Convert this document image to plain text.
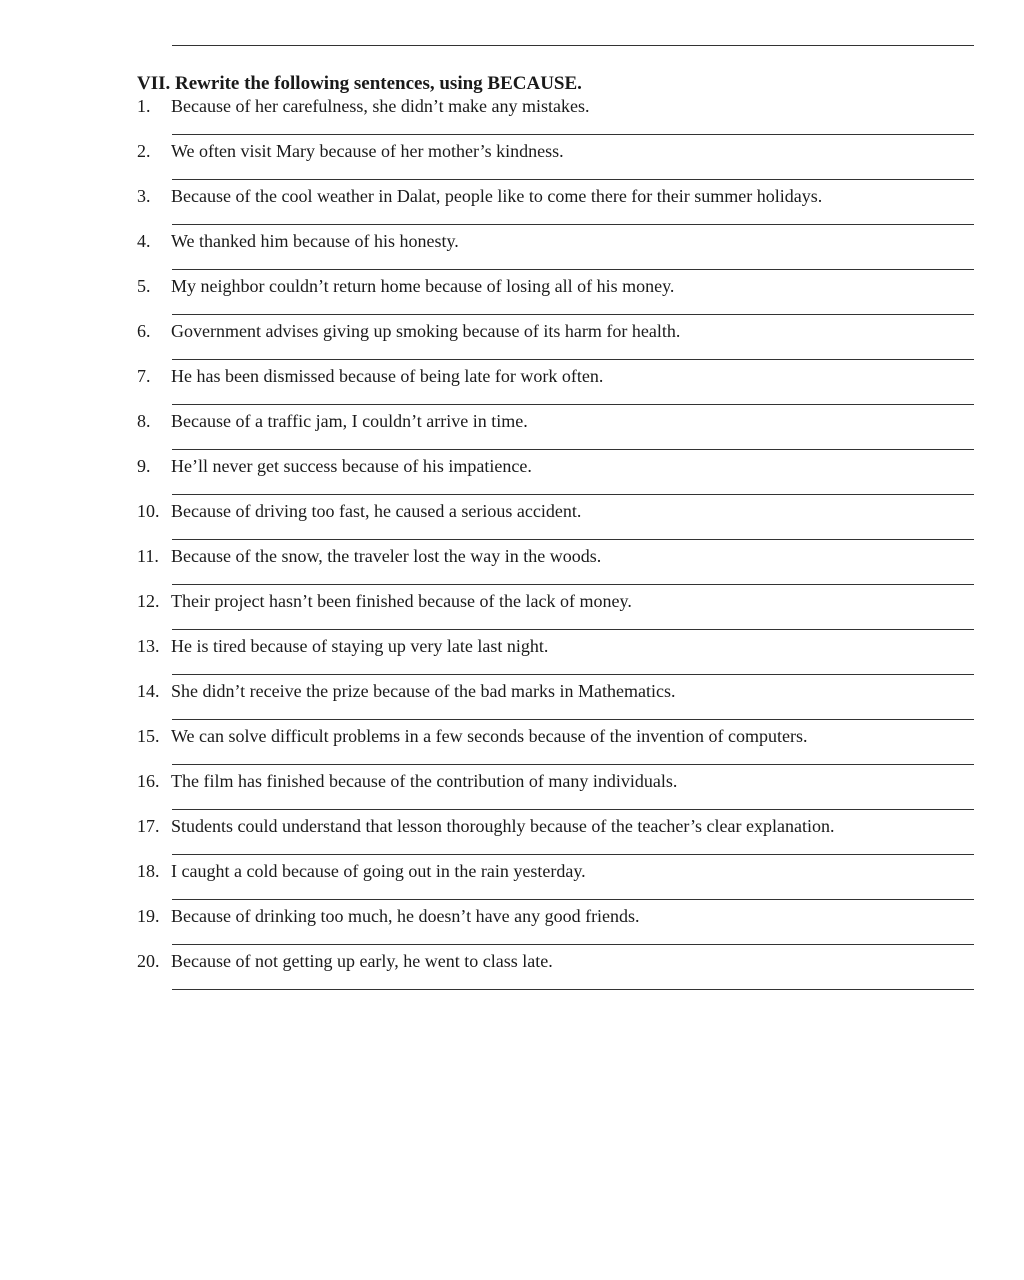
VII. Rewrite the following sentences, using BECAUSE.
1. Because of her carefulness, she didn’t make any mistakes.
2. We often visit Mary because of her mother’s kindness.
3. Because of the cool weather in Dalat, people like to come there for their summer holidays.
4. We thanked him because of his honesty.
5. My neighbor couldn’t return home because of losing all of his money.
6. Government advises giving up smoking because of its harm for health.
7. He has been dismissed because of being late for work often.
8. Because of a traffic jam, I couldn’t arrive in time.
9. He’ll never get success because of his impatience.
10. Because of driving too fast, he caused a serious accident.
11. Because of the snow, the traveler lost the way in the woods.
12. Their project hasn’t been finished because of the lack of money.
13. He is tired because of staying up very late last night.
14. She didn’t receive the prize because of the bad marks in Mathematics.
15. We can solve difficult problems in a few seconds because of the invention of computers.
16. The film has finished because of the contribution of many individuals.
17. Students could understand that lesson thoroughly because of the teacher’s clear explanation.
18. I caught a cold because of going out in the rain yesterday.
19. Because of drinking too much, he doesn’t have any good friends.
20. Because of not getting up early, he went to class late.
